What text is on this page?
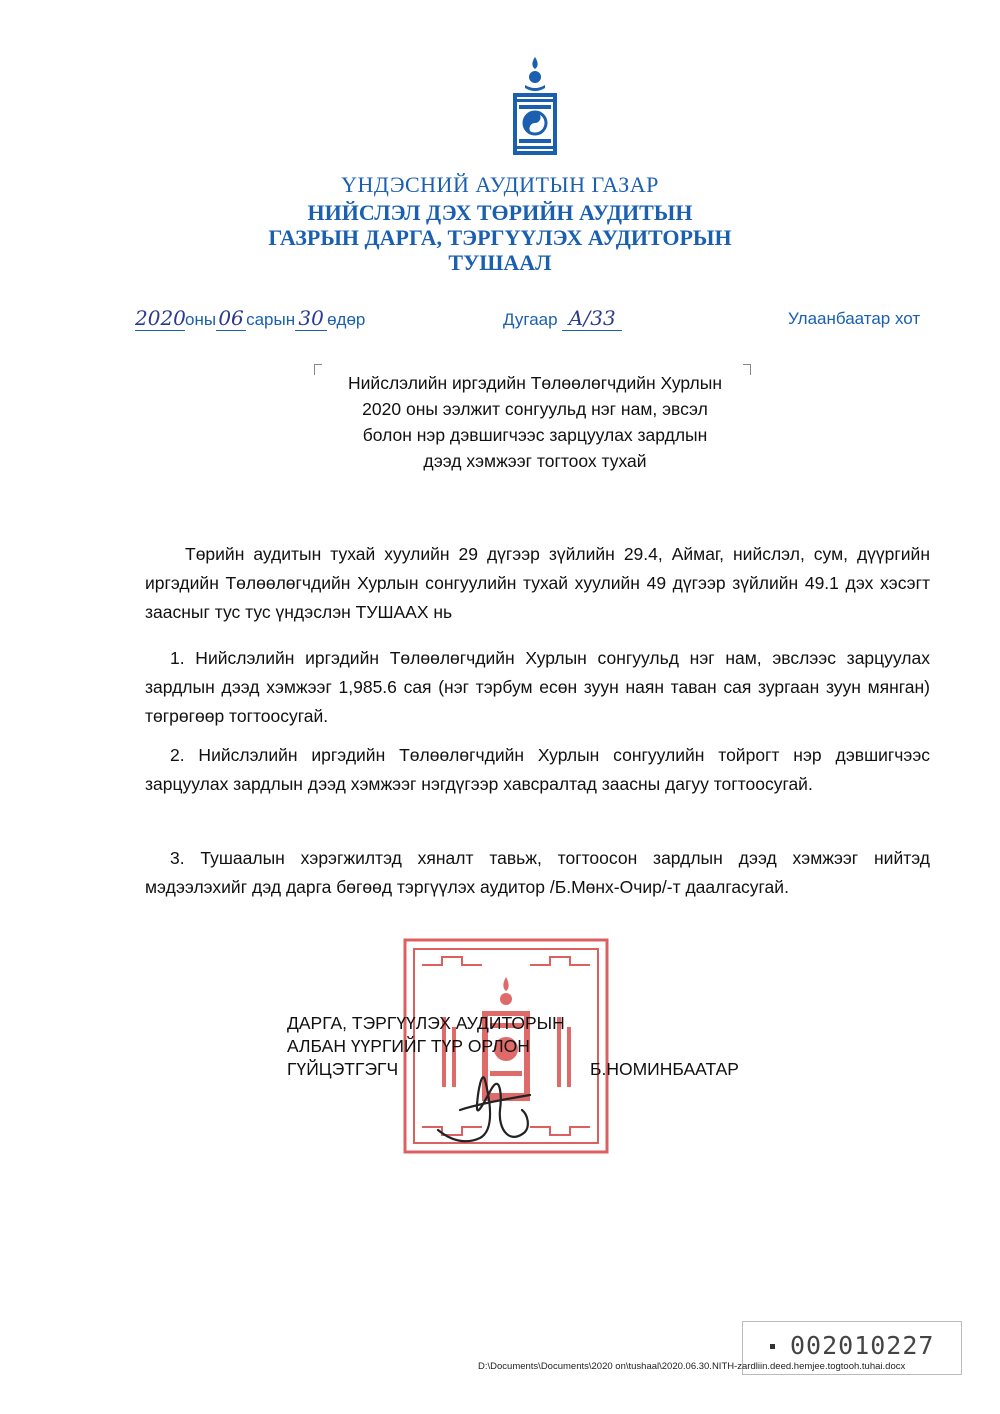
ҮНДЭСНИЙ АУДИТЫН ГАЗАР
НИЙСЛЭЛ ДЭХ ТӨРИЙН АУДИТЫН
ГАЗРЫН ДАРГА, ТЭРГҮҮЛЭХ АУДИТОРЫН
ТУШААЛ
2020оны 06 сарын 30 өдөр	Дугаар А/33	Улаанбаатар хот
Нийслэлийн иргэдийн Төлөөлөгчдийн Хурлын
2020 оны ээлжит сонгуульд нэг нам, эвсэл
болон нэр дэвшигчээс зарцуулах зардлын
дээд хэмжээг тогтоох тухай
Төрийн аудитын тухай хуулийн 29 дүгээр зүйлийн 29.4, Аймаг, нийслэл, сум, дүүргийн иргэдийн Төлөөлөгчдийн Хурлын сонгуулийн тухай хуулийн 49 дүгээр зүйлийн 49.1 дэх хэсэгт заасныг тус тус үндэслэн ТУШААХ нь
1. Нийслэлийн иргэдийн Төлөөлөгчдийн Хурлын сонгуульд нэг нам, эвслээс зарцуулах зардлын дээд хэмжээг 1,985.6 сая (нэг тэрбум есөн зуун наян таван сая зургаан зуун мянган) төгрөгөөр тогтоосугай.
2. Нийслэлийн иргэдийн Төлөөлөгчдийн Хурлын сонгуулийн тойрогт нэр дэвшигчээс зарцуулах зардлын дээд хэмжээг нэгдүгээр хавсралтад заасны дагуу тогтоосугай.
3. Тушаалын хэрэгжилтэд хяналт тавьж, тогтоосон зардлын дээд хэмжээг нийтэд мэдээлэхийг дэд дарга бөгөөд тэргүүлэх аудитор /Б.Мөнх-Очир/-т даалгасугай.
ДАРГА, ТЭРГҮҮЛЭХ АУДИТОРЫН
АЛБАН ҮҮРГИЙГ ТҮР ОРЛОН
ГҮЙЦЭТГЭГЧ	Б.НОМИНБААТАР
002010227
D:\Documents\Documents\2020 on\tushaal\2020.06.30.NITH-zardliin.deed.hemjee.togtooh.tuhai.docx
